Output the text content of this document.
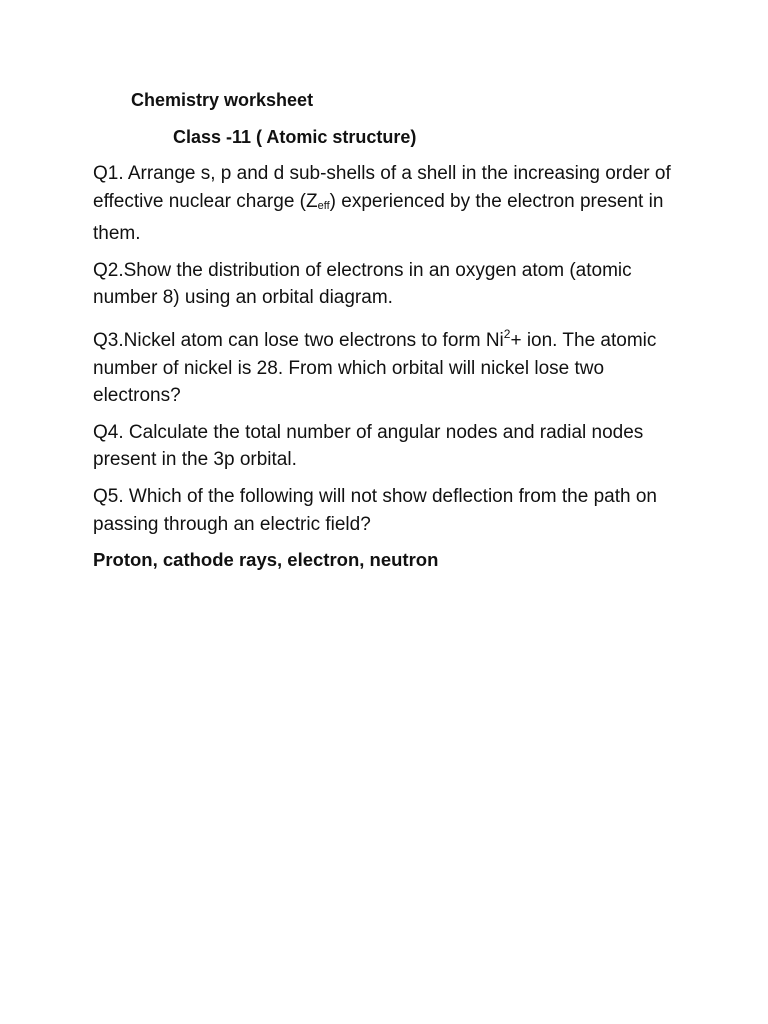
Chemistry worksheet
Class -11 ( Atomic structure)

Q1. Arrange s, p and d sub-shells of a shell in the increasing order of effective nuclear charge $(Z_{eff})$ experienced by the electron present in them.

Q2.Show the distribution of electrons in an oxygen atom (atomic number 8) using an orbital diagram.

Q3.Nickel atom can lose two electrons to form $Ni^2+$ ion. The atomic number of nickel is 28. From which orbital will nickel lose two electrons?

Q4. Calculate the total number of angular nodes and radial nodes present in the 3p orbital.

Q5. Which of the following will not show deflection from the path on passing through an electric field?

Proton, cathode rays, electron, neutron
